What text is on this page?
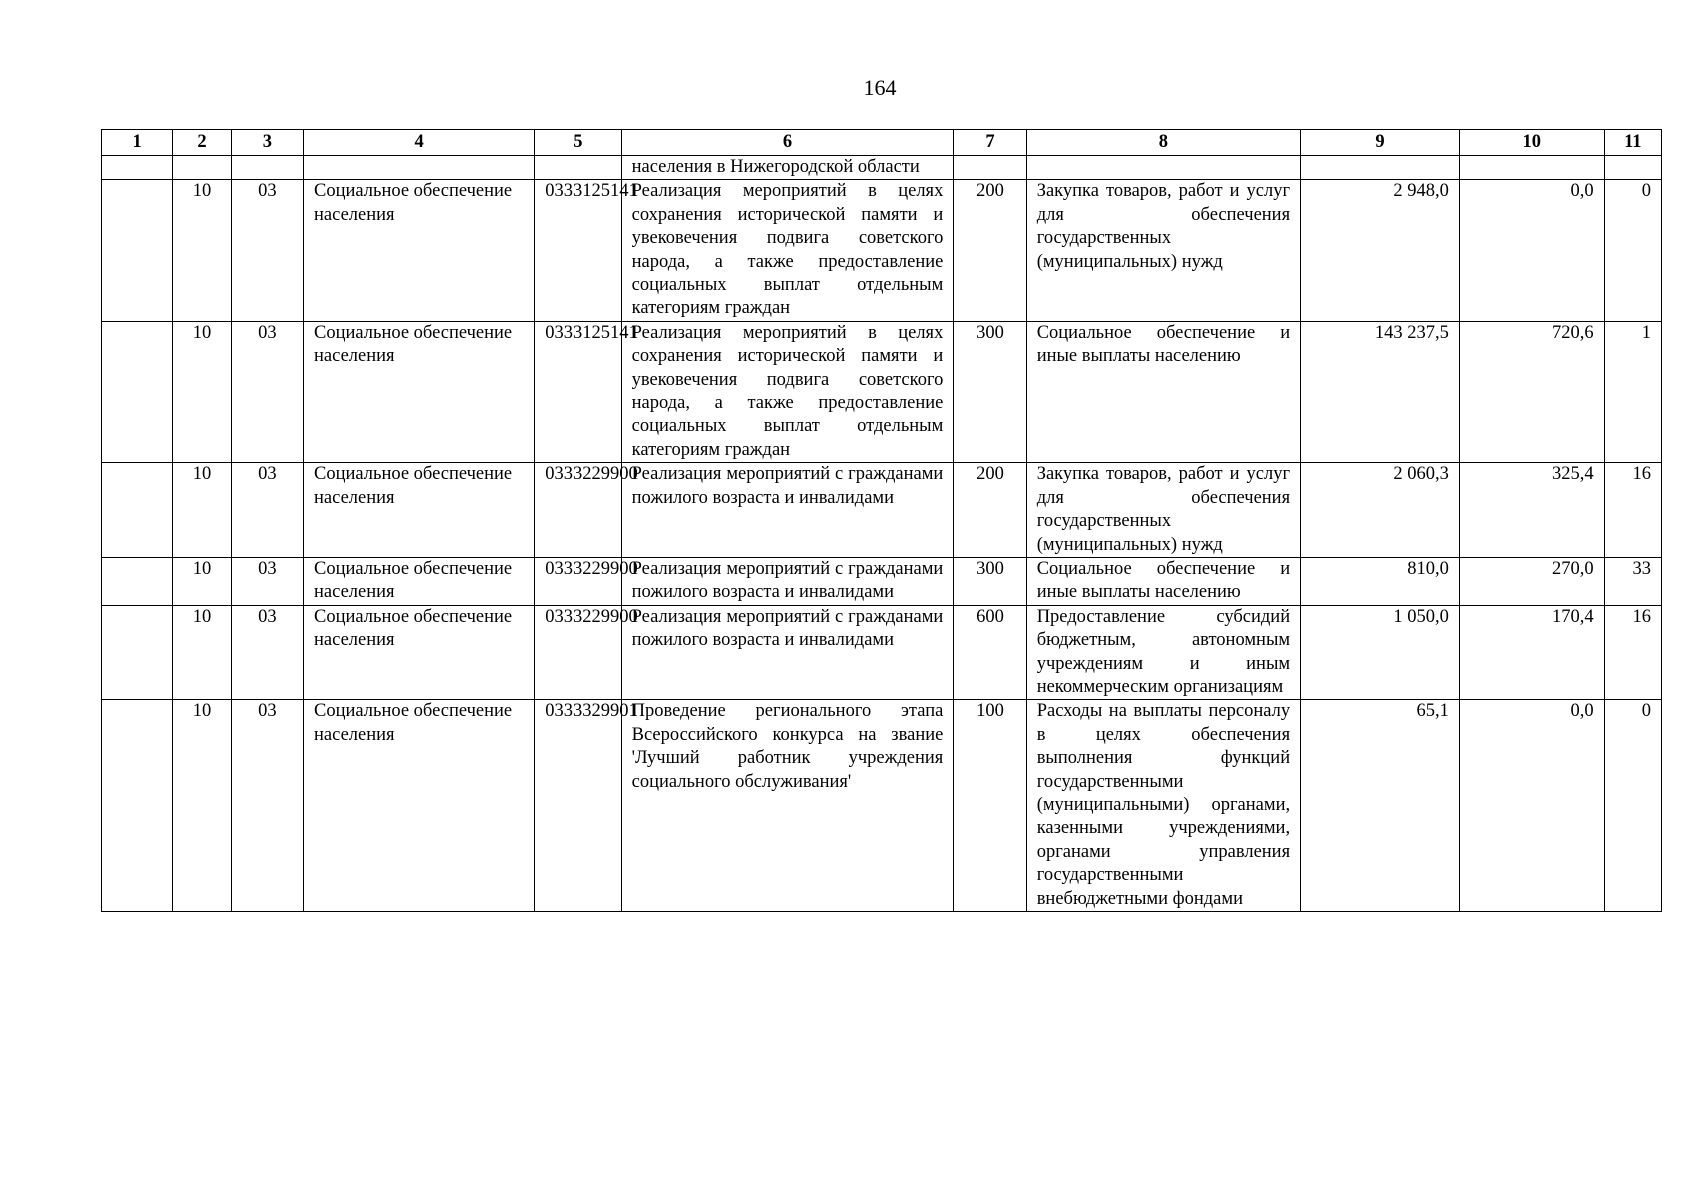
164
1	2	3	4	5	6	7	8	9	10	11
					населения в Нижегородской области					
	10	03	Социальное обеспечение населения	0333125141	Реализация мероприятий в целях сохранения исторической памяти и увековечения подвига советского народа, а также предоставление социальных выплат отдельным категориям граждан	200	Закупка товаров, работ и услуг для обеспечения государственных (муниципальных) нужд	2 948,0	0,0	0
	10	03	Социальное обеспечение населения	0333125141	Реализация мероприятий в целях сохранения исторической памяти и увековечения подвига советского народа, а также предоставление социальных выплат отдельным категориям граждан	300	Социальное обеспечение и иные выплаты населению	143 237,5	720,6	1
	10	03	Социальное обеспечение населения	0333229900	Реализация мероприятий с гражданами пожилого возраста и инвалидами	200	Закупка товаров, работ и услуг для обеспечения государственных (муниципальных) нужд	2 060,3	325,4	16
	10	03	Социальное обеспечение населения	0333229900	Реализация мероприятий с гражданами пожилого возраста и инвалидами	300	Социальное обеспечение и иные выплаты населению	810,0	270,0	33
	10	03	Социальное обеспечение населения	0333229900	Реализация мероприятий с гражданами пожилого возраста и инвалидами	600	Предоставление субсидий бюджетным, автономным учреждениям и иным некоммерческим организациям	1 050,0	170,4	16
	10	03	Социальное обеспечение населения	0333329901	Проведение регионального этапа Всероссийского конкурса на звание 'Лучший работник учреждения социального обслуживания'	100	Расходы на выплаты персоналу в целях обеспечения выполнения функций государственными (муниципальными) органами, казенными учреждениями, органами управления государственными внебюджетными фондами	65,1	0,0	0
